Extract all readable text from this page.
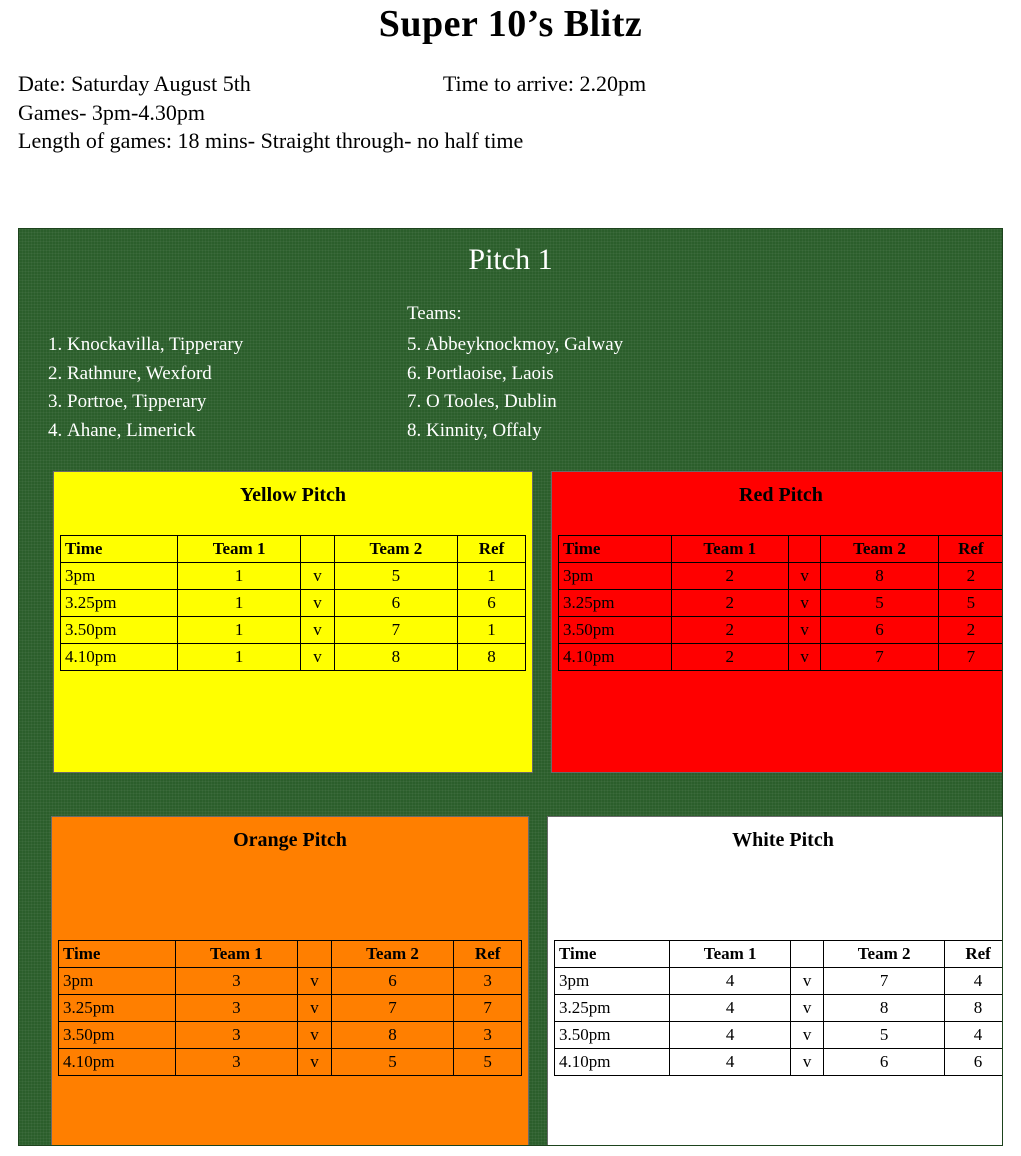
Super 10’s Blitz
Date: Saturday August 5th	Time to arrive: 2.20pm
Games- 3pm-4.30pm
Length of games: 18 mins- Straight through- no half time
Pitch 1
Teams:
1. Knockavilla, Tipperary
2. Rathnure, Wexford
3. Portroe, Tipperary
4. Ahane, Limerick
5. Abbeyknockmoy, Galway
6. Portlaoise, Laois
7. O Tooles, Dublin
8. Kinnity, Offaly
Yellow Pitch
Time	Team 1		Team 2	Ref
3pm	1	v	5	1
3.25pm	1	v	6	6
3.50pm	1	v	7	1
4.10pm	1	v	8	8
Red Pitch
Time	Team 1		Team 2	Ref
3pm	2	v	8	2
3.25pm	2	v	5	5
3.50pm	2	v	6	2
4.10pm	2	v	7	7
Orange Pitch
Time	Team 1		Team 2	Ref
3pm	3	v	6	3
3.25pm	3	v	7	7
3.50pm	3	v	8	3
4.10pm	3	v	5	5
White Pitch
Time	Team 1		Team 2	Ref
3pm	4	v	7	4
3.25pm	4	v	8	8
3.50pm	4	v	5	4
4.10pm	4	v	6	6
